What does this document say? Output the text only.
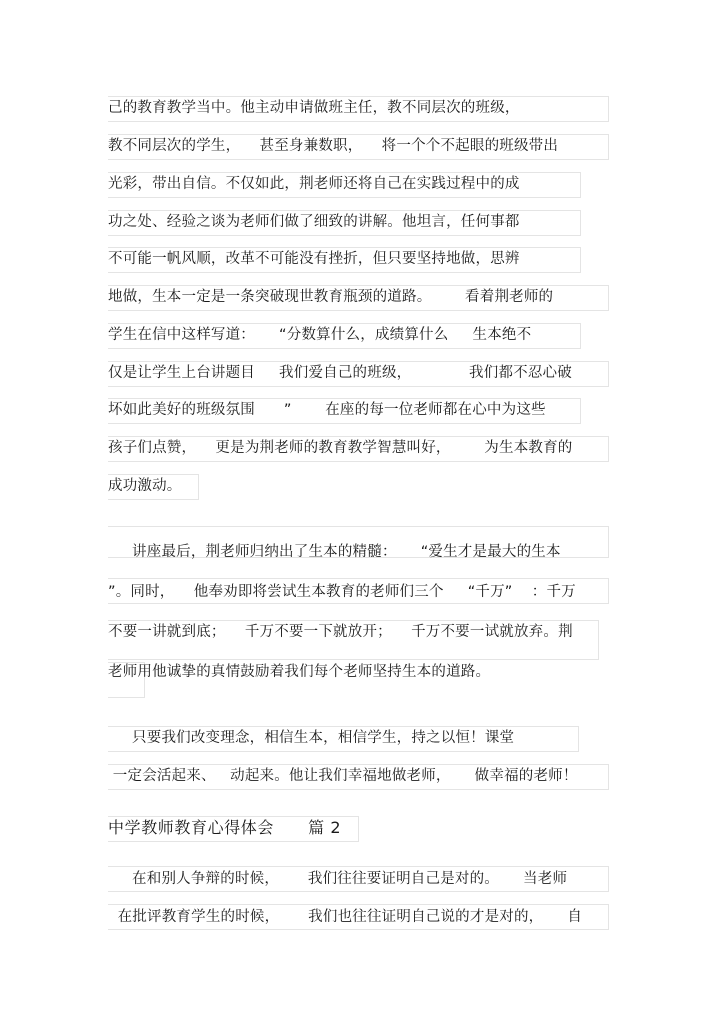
己的教育教学当中。他主动申请做班主任，教不同层次的班级，
教不同层次的学生，    甚至身兼数职，    将一个个不起眼的班级带出
光彩，带出自信。不仅如此，荆老师还将自己在实践过程中的成
功之处、经验之谈为老师们做了细致的讲解。他坦言，任何事都
不可能一帆风顺，改革不可能没有挫折，但只要坚持地做，思辨
地做，生本一定是一条突破现世教育瓶颈的道路。       看着荆老师的
学生在信中这样写道：     “分数算什么，成绩算什么     生本绝不
仅是让学生上台讲题目     我们爱自己的班级，            我们都不忍心破
坏如此美好的班级氛围      ”       在座的每一位老师都在心中为这些
孩子们点赞，    更是为荆老师的教育教学智慧叫好，       为生本教育的
成功激动。
讲座最后，荆老师归纳出了生本的精髓：     “爱生才是最大的生本
”。同时，    他奉劝即将尝试生本教育的老师们三个     “千万”    ：千万
不要一讲就到底；    千万不要一下就放开；    千万不要一试就放弃。荆
老师用他诚挚的真情鼓励着我们每个老师坚持生本的道路。
只要我们改变理念，相信生本，相信学生，持之以恒！课堂
一定会活起来、   动起来。他让我们幸福地做老师，     做幸福的老师！
中学教师教育心得体会      篇 2
在和别人争辩的时候，      我们往往要证明自己是对的。     当老师
在批评教育学生的时候，      我们也往往证明自己说的才是对的，     自
